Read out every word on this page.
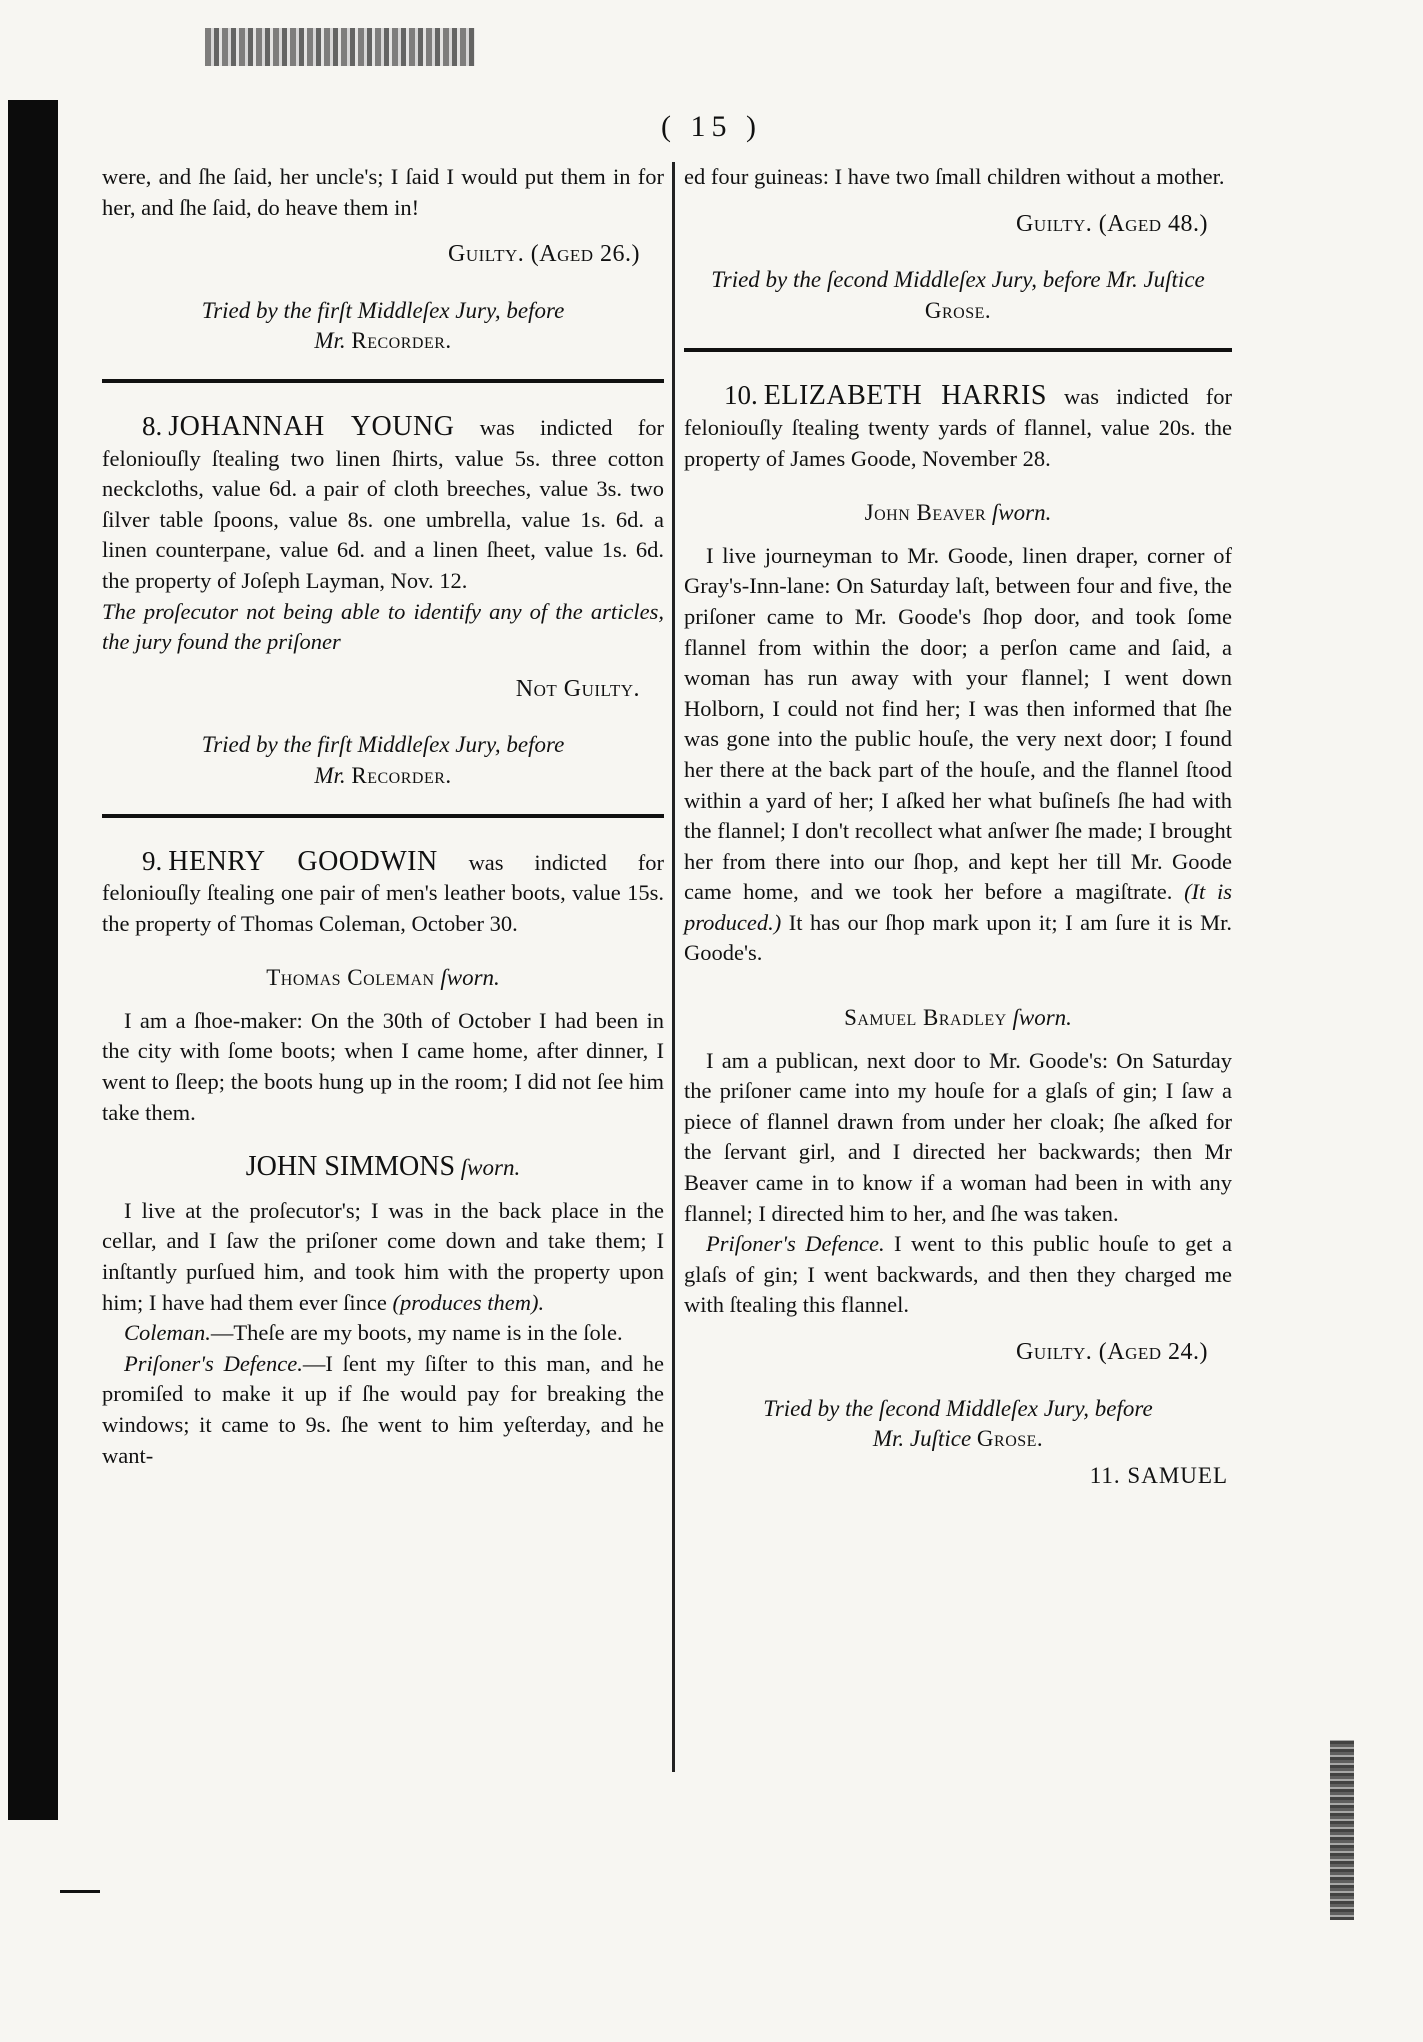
( 15 )

were, and ſhe ſaid, her uncle's; I ſaid I would put them in for her, and ſhe ſaid, do heave them in!

Guilty. (Aged 26.)

Tried by the firſt Middleſex Jury, before
Mr. Recorder.

8. JOHANNAH YOUNG was indicted for feloniouſly ſtealing two linen ſhirts, value 5s. three cotton neckcloths, value 6d. a pair of cloth breeches, value 3s. two ſilver table ſpoons, value 8s. one umbrella, value 1s. 6d. a linen counterpane, value 6d. and a linen ſheet, value 1s. 6d. the property of Joſeph Layman, Nov. 12.

The proſecutor not being able to identify any of the articles, the jury found the priſoner

Not Guilty.

Tried by the firſt Middleſex Jury, before
Mr. Recorder.

9. HENRY GOODWIN was indicted for feloniouſly ſtealing one pair of men's leather boots, value 15s. the property of Thomas Coleman, October 30.

Thomas Coleman ſworn.

I am a ſhoe-maker: On the 30th of October I had been in the city with ſome boots; when I came home, after dinner, I went to ſleep; the boots hung up in the room; I did not ſee him take them.

JOHN SIMMONS ſworn.

I live at the proſecutor's; I was in the back place in the cellar, and I ſaw the priſoner come down and take them; I inſtantly purſued him, and took him with the property upon him; I have had them ever ſince (produces them).

Coleman.—Theſe are my boots, my name is in the ſole.

Priſoner's Defence.—I ſent my ſiſter to this man, and he promiſed to make it up if ſhe would pay for breaking the windows; it came to 9s. ſhe went to him yeſterday, and he want-

ed four guineas: I have two ſmall children without a mother.

Guilty. (Aged 48.)

Tried by the ſecond Middleſex Jury, before Mr. Juſtice Grose.

10. ELIZABETH HARRIS was indicted for feloniouſly ſtealing twenty yards of flannel, value 20s. the property of James Goode, November 28.

John Beaver ſworn.

I live journeyman to Mr. Goode, linen draper, corner of Gray's-Inn-lane: On Saturday laſt, between four and five, the priſoner came to Mr. Goode's ſhop door, and took ſome flannel from within the door; a perſon came and ſaid, a woman has run away with your flannel; I went down Holborn, I could not find her; I was then informed that ſhe was gone into the public houſe, the very next door; I found her there at the back part of the houſe, and the flannel ſtood within a yard of her; I aſked her what buſineſs ſhe had with the flannel; I don't recollect what anſwer ſhe made; I brought her from there into our ſhop, and kept her till Mr. Goode came home, and we took her before a magiſtrate. (It is produced.) It has our ſhop mark upon it; I am ſure it is Mr. Goode's.

Samuel Bradley ſworn.

I am a publican, next door to Mr. Goode's: On Saturday the priſoner came into my houſe for a glaſs of gin; I ſaw a piece of flannel drawn from under her cloak; ſhe aſked for the ſervant girl, and I directed her backwards; then Mr Beaver came in to know if a woman had been in with any flannel; I directed him to her, and ſhe was taken.

Priſoner's Defence. I went to this public houſe to get a glaſs of gin; I went backwards, and then they charged me with ſtealing this flannel.

Guilty. (Aged 24.)

Tried by the ſecond Middleſex Jury, before
Mr. Juſtice Grose.

11. SAMUEL
